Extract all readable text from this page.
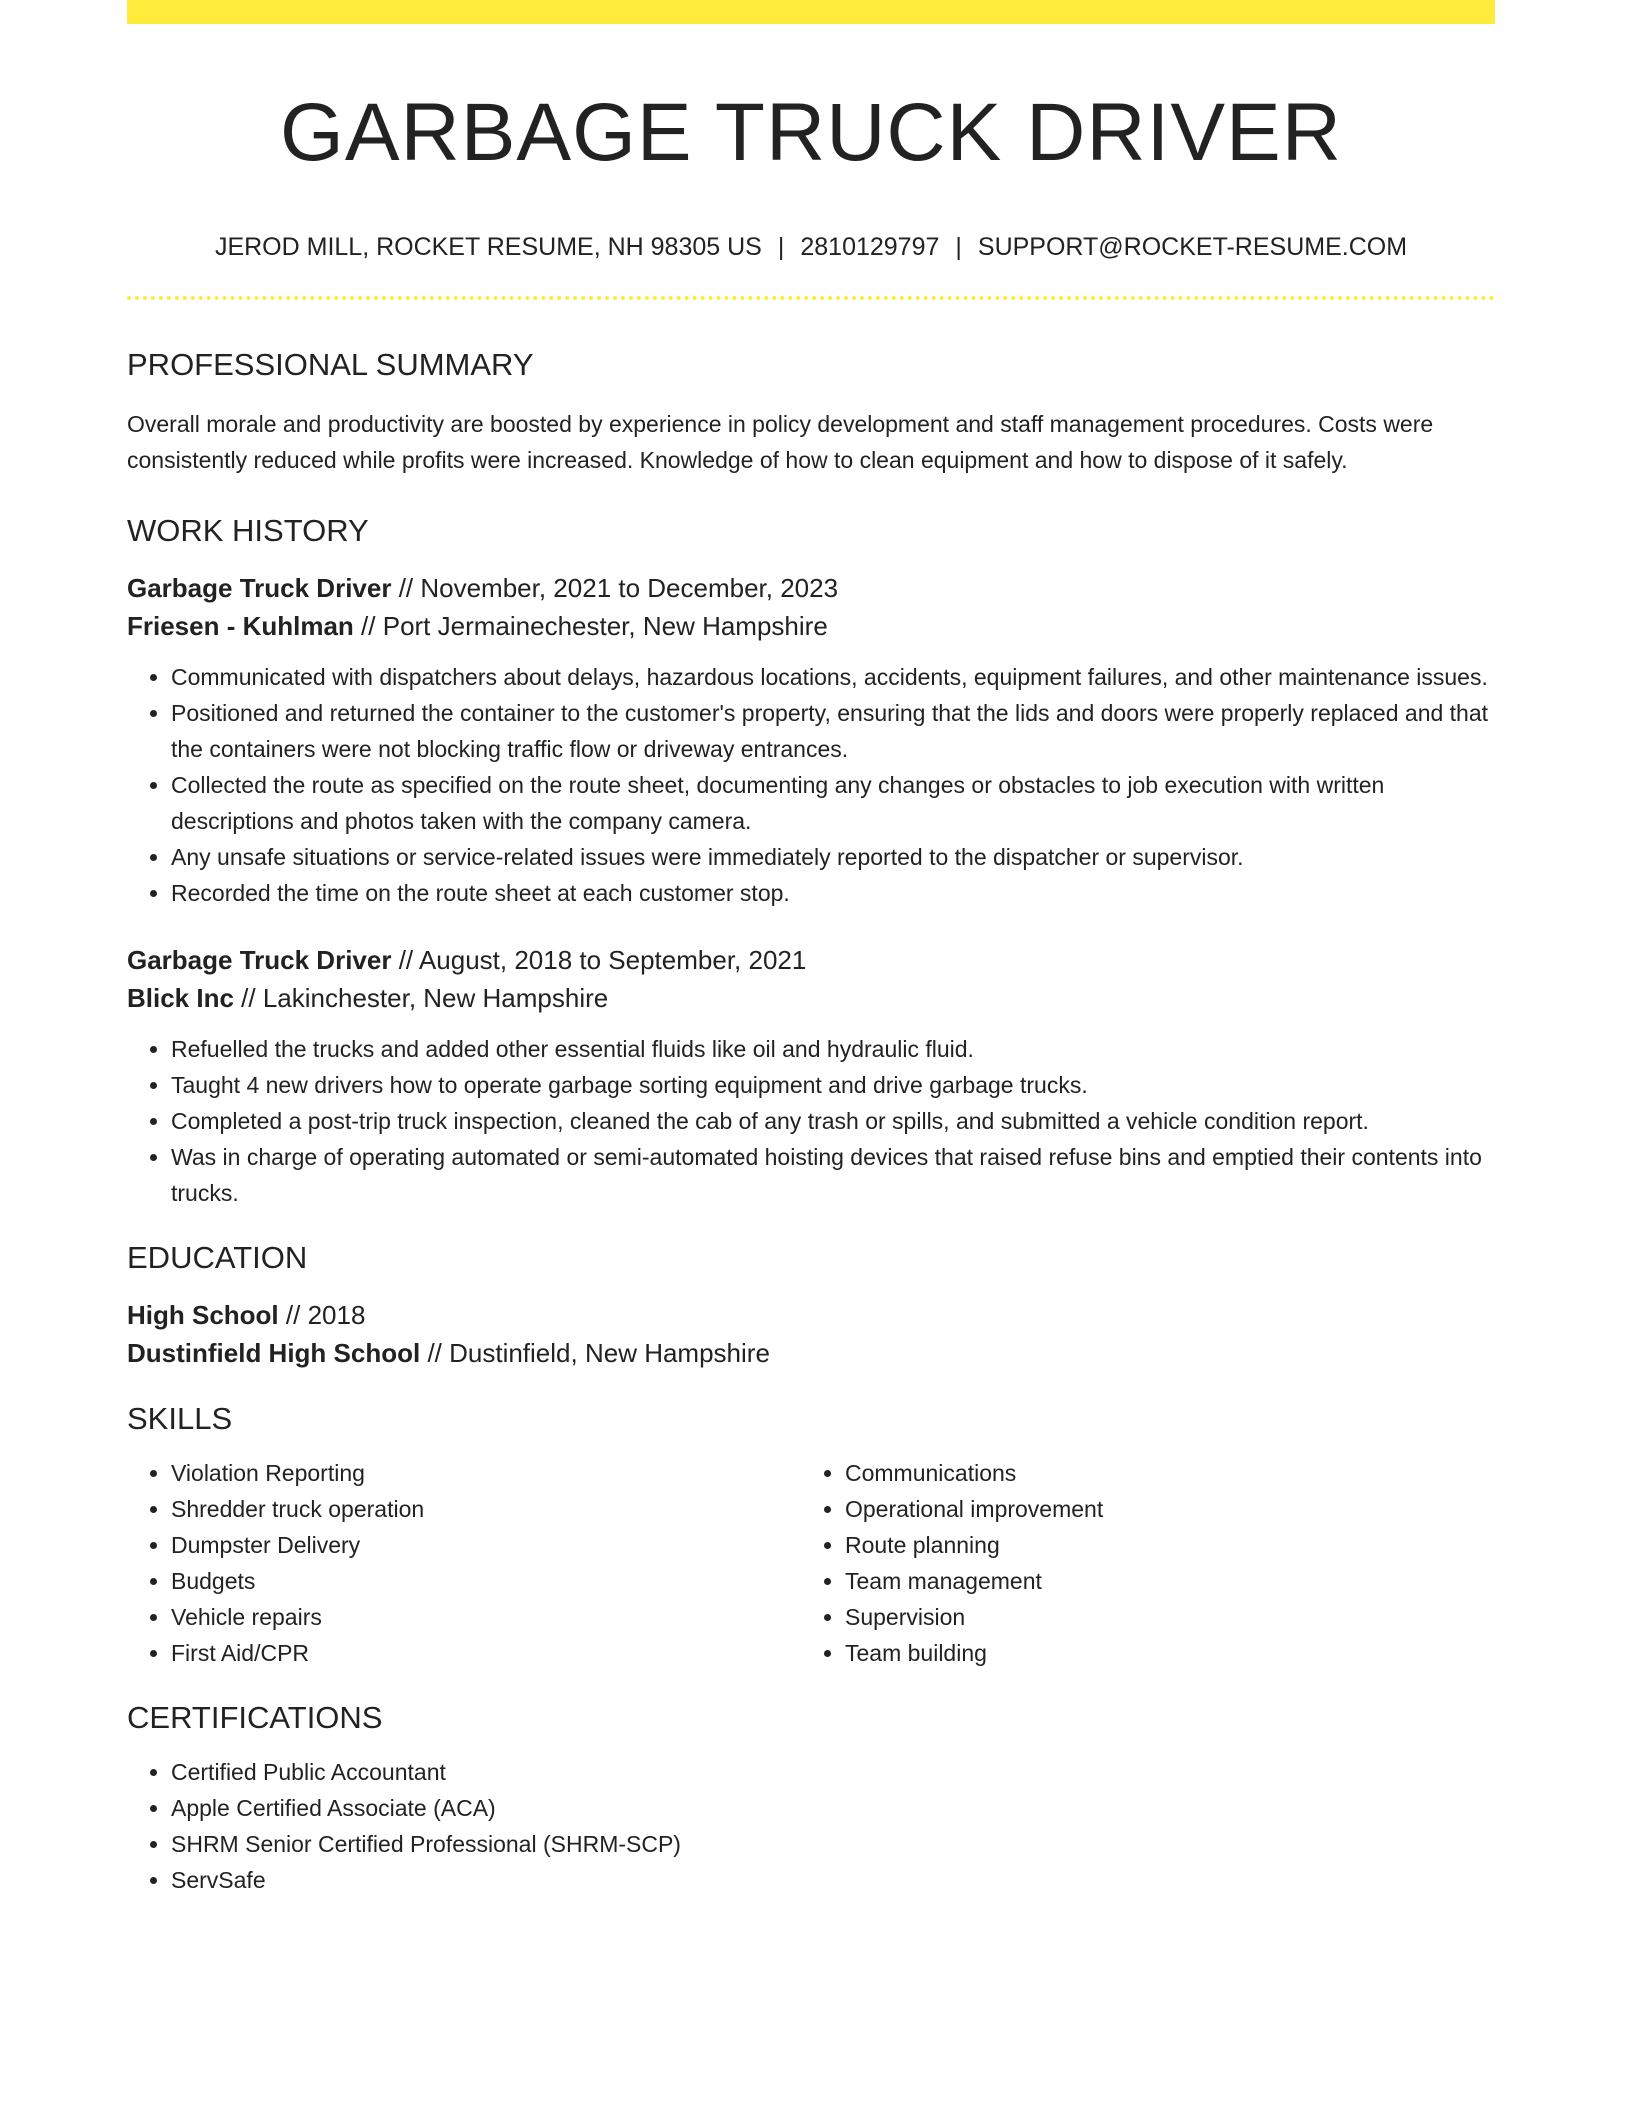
GARBAGE TRUCK DRIVER
JEROD MILL, ROCKET RESUME, NH 98305 US | 2810129797 | SUPPORT@ROCKET-RESUME.COM
PROFESSIONAL SUMMARY

Overall morale and productivity are boosted by experience in policy development and staff management procedures. Costs were consistently reduced while profits were increased. Knowledge of how to clean equipment and how to dispose of it safely.

WORK HISTORY

Garbage Truck Driver // November, 2021 to December, 2023

Friesen - Kuhlman // Port Jermainechester, New Hampshire

• Communicated with dispatchers about delays, hazardous locations, accidents, equipment failures, and other maintenance issues.
• Positioned and returned the container to the customer's property, ensuring that the lids and doors were properly replaced and that the containers were not blocking traffic flow or driveway entrances.
• Collected the route as specified on the route sheet, documenting any changes or obstacles to job execution with written descriptions and photos taken with the company camera.
• Any unsafe situations or service-related issues were immediately reported to the dispatcher or supervisor.
• Recorded the time on the route sheet at each customer stop.

Garbage Truck Driver // August, 2018 to September, 2021

Blick Inc // Lakinchester, New Hampshire

• Refuelled the trucks and added other essential fluids like oil and hydraulic fluid.
• Taught 4 new drivers how to operate garbage sorting equipment and drive garbage trucks.
• Completed a post-trip truck inspection, cleaned the cab of any trash or spills, and submitted a vehicle condition report.
• Was in charge of operating automated or semi-automated hoisting devices that raised refuse bins and emptied their contents into trucks.
EDUCATION

High School // 2018

Dustinfield High School // Dustinfield, New Hampshire

SKILLS
• Violation Reporting
• Shredder truck operation
• Dumpster Delivery
• Budgets
• Vehicle repairs
• First Aid/CPR
• Communications
• Operational improvement
• Route planning
• Team management
• Supervision
• Team building
CERTIFICATIONS
• Certified Public Accountant
• Apple Certified Associate (ACA)
• SHRM Senior Certified Professional (SHRM-SCP)
• ServSafe
